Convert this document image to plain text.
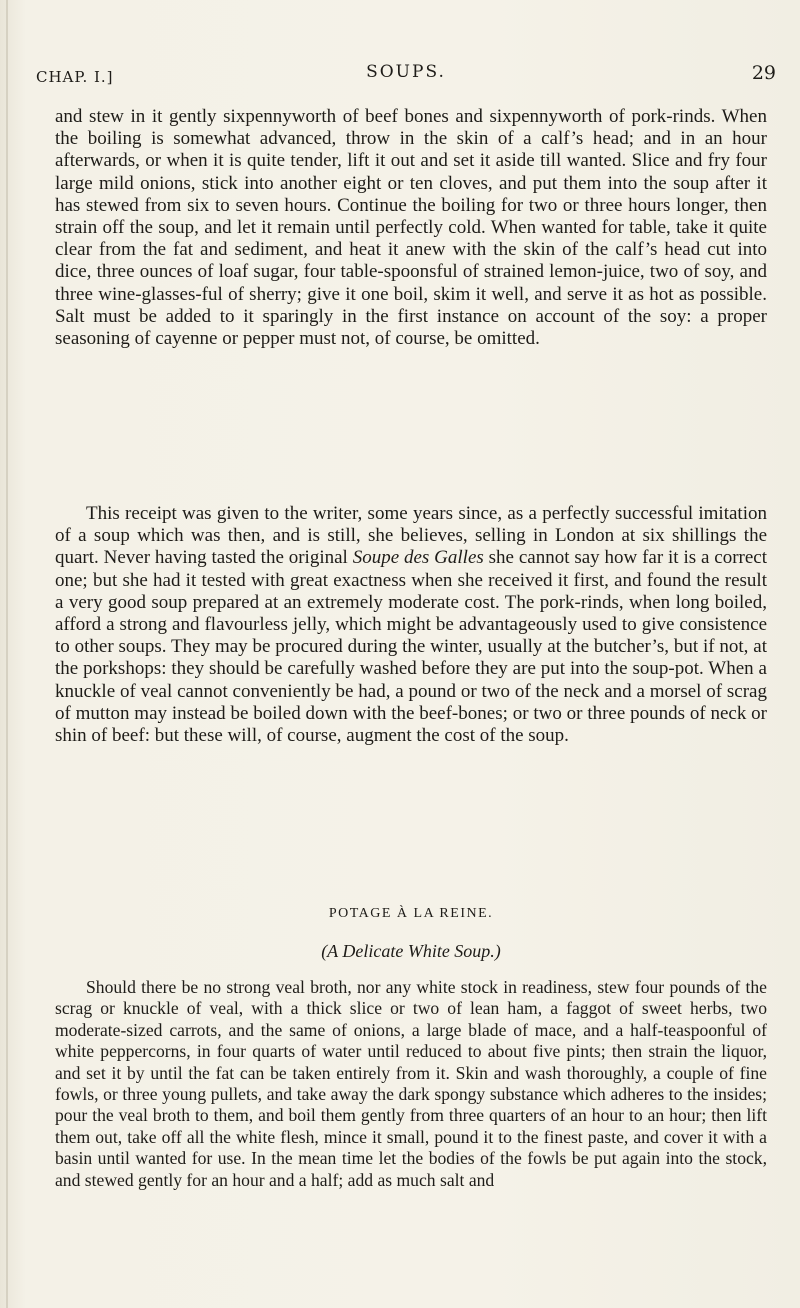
CHAP. I.]	SOUPS.	29

and stew in it gently sixpennyworth of beef bones and sixpennyworth of pork-rinds. When the boiling is somewhat advanced, throw in the skin of a calf’s head; and in an hour afterwards, or when it is quite tender, lift it out and set it aside till wanted. Slice and fry four large mild onions, stick into another eight or ten cloves, and put them into the soup after it has stewed from six to seven hours. Continue the boiling for two or three hours longer, then strain off the soup, and let it remain until perfectly cold. When wanted for table, take it quite clear from the fat and sediment, and heat it anew with the skin of the calf’s head cut into dice, three ounces of loaf sugar, four table-spoonsful of strained lemon-juice, two of soy, and three wine-glasses-ful of sherry; give it one boil, skim it well, and serve it as hot as possible. Salt must be added to it sparingly in the first instance on account of the soy: a proper seasoning of cayenne or pepper must not, of course, be omitted.

This receipt was given to the writer, some years since, as a perfectly successful imitation of a soup which was then, and is still, she believes, selling in London at six shillings the quart. Never having tasted the original Soupe des Galles she cannot say how far it is a correct one; but she had it tested with great exactness when she received it first, and found the result a very good soup prepared at an extremely moderate cost. The pork-rinds, when long boiled, afford a strong and flavourless jelly, which might be advantageously used to give consistence to other soups. They may be procured during the winter, usually at the butcher’s, but if not, at the porkshops: they should be carefully washed before they are put into the soup-pot. When a knuckle of veal cannot conveniently be had, a pound or two of the neck and a morsel of scrag of mutton may instead be boiled down with the beef-bones; or two or three pounds of neck or shin of beef: but these will, of course, augment the cost of the soup.

POTAGE À LA REINE.
(A Delicate White Soup.)

Should there be no strong veal broth, nor any white stock in readiness, stew four pounds of the scrag or knuckle of veal, with a thick slice or two of lean ham, a faggot of sweet herbs, two moderate-sized carrots, and the same of onions, a large blade of mace, and a half-teaspoonful of white peppercorns, in four quarts of water until reduced to about five pints; then strain the liquor, and set it by until the fat can be taken entirely from it. Skin and wash thoroughly, a couple of fine fowls, or three young pullets, and take away the dark spongy substance which adheres to the insides; pour the veal broth to them, and boil them gently from three quarters of an hour to an hour; then lift them out, take off all the white flesh, mince it small, pound it to the finest paste, and cover it with a basin until wanted for use. In the mean time let the bodies of the fowls be put again into the stock, and stewed gently for an hour and a half; add as much salt and
